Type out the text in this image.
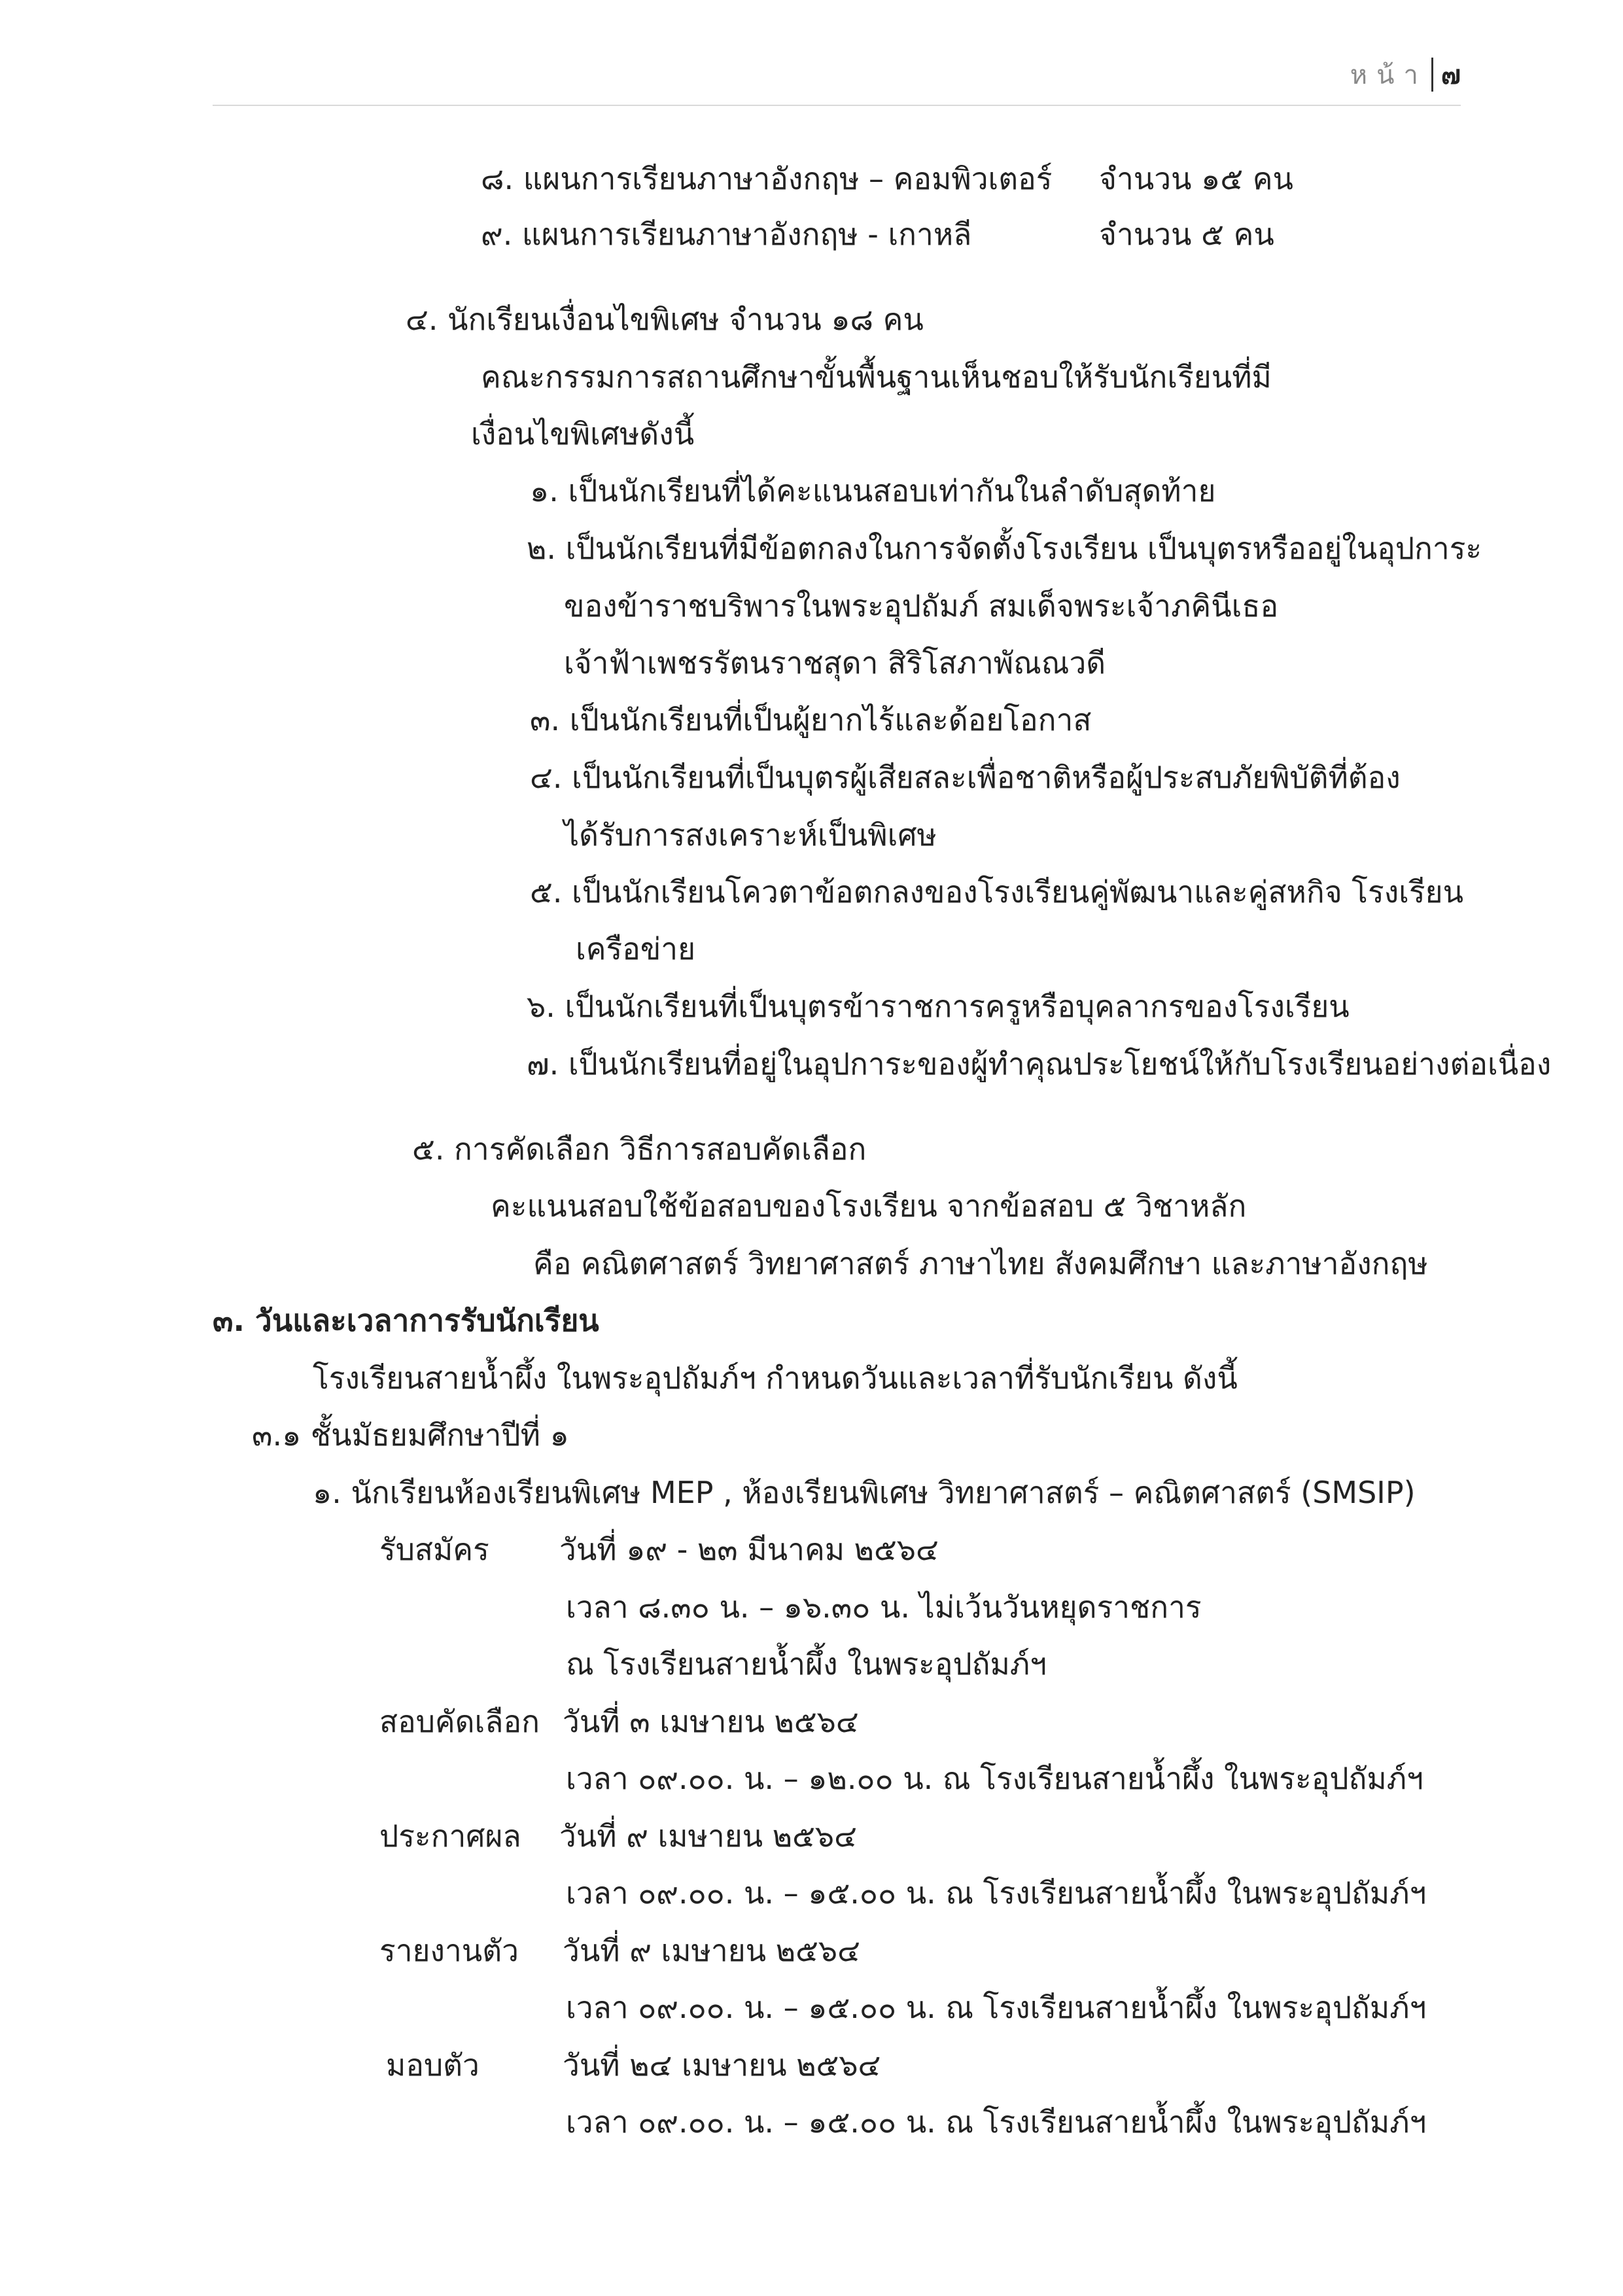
หน้า ๗
๘. แผนการเรียนภาษาอังกฤษ – คอมพิวเตอร์ จำนวน ๑๕ คน
๙. แผนการเรียนภาษาอังกฤษ - เกาหลี	จำนวน ๕ คน
๔. นักเรียนเงื่อนไขพิเศษ จำนวน ๑๘ คน
คณะกรรมการสถานศึกษาขั้นพื้นฐานเห็นชอบให้รับนักเรียนที่มี
เงื่อนไขพิเศษดังนี้
๑. เป็นนักเรียนที่ได้คะแนนสอบเท่ากันในลำดับสุดท้าย
๒. เป็นนักเรียนที่มีข้อตกลงในการจัดตั้งโรงเรียน เป็นบุตรหรืออยู่ในอุปการะ
ของข้าราชบริพารในพระอุปถัมภ์ สมเด็จพระเจ้าภคินีเธอ
เจ้าฟ้าเพชรรัตนราชสุดา สิริโสภาพัณณวดี
๓. เป็นนักเรียนที่เป็นผู้ยากไร้และด้อยโอกาส
๔. เป็นนักเรียนที่เป็นบุตรผู้เสียสละเพื่อชาติหรือผู้ประสบภัยพิบัติที่ต้อง
ได้รับการสงเคราะห์เป็นพิเศษ
๕. เป็นนักเรียนโควตาข้อตกลงของโรงเรียนคู่พัฒนาและคู่สหกิจ โรงเรียน
เครือข่าย
๖. เป็นนักเรียนที่เป็นบุตรข้าราชการครูหรือบุคลากรของโรงเรียน
๗. เป็นนักเรียนที่อยู่ในอุปการะของผู้ทำคุณประโยชน์ให้กับโรงเรียนอย่างต่อเนื่อง
๕. การคัดเลือก วิธีการสอบคัดเลือก
คะแนนสอบใช้ข้อสอบของโรงเรียน จากข้อสอบ ๕ วิชาหลัก
คือ คณิตศาสตร์ วิทยาศาสตร์ ภาษาไทย สังคมศึกษา และภาษาอังกฤษ
๓. วันและเวลาการรับนักเรียน
โรงเรียนสายน้ำผึ้ง ในพระอุปถัมภ์ฯ กำหนดวันและเวลาที่รับนักเรียน ดังนี้
๓.๑ ชั้นมัธยมศึกษาปีที่ ๑
๑. นักเรียนห้องเรียนพิเศษ MEP , ห้องเรียนพิเศษ วิทยาศาสตร์ – คณิตศาสตร์ (SMSIP)
รับสมัคร วันที่ ๑๙ - ๒๓ มีนาคม ๒๕๖๔
เวลา ๘.๓๐ น. – ๑๖.๓๐ น. ไม่เว้นวันหยุดราชการ
ณ โรงเรียนสายน้ำผึ้ง ในพระอุปถัมภ์ฯ
สอบคัดเลือก วันที่ ๓ เมษายน ๒๕๖๔
เวลา ๐๙.๐๐. น. – ๑๒.๐๐ น. ณ โรงเรียนสายน้ำผึ้ง ในพระอุปถัมภ์ฯ
ประกาศผล วันที่ ๙ เมษายน ๒๕๖๔
เวลา ๐๙.๐๐. น. – ๑๕.๐๐ น. ณ โรงเรียนสายน้ำผึ้ง ในพระอุปถัมภ์ฯ
รายงานตัว วันที่ ๙ เมษายน ๒๕๖๔
เวลา ๐๙.๐๐. น. – ๑๕.๐๐ น. ณ โรงเรียนสายน้ำผึ้ง ในพระอุปถัมภ์ฯ
มอบตัว	วันที่ ๒๔ เมษายน ๒๕๖๔
เวลา ๐๙.๐๐. น. – ๑๕.๐๐ น. ณ โรงเรียนสายน้ำผึ้ง ในพระอุปถัมภ์ฯ
